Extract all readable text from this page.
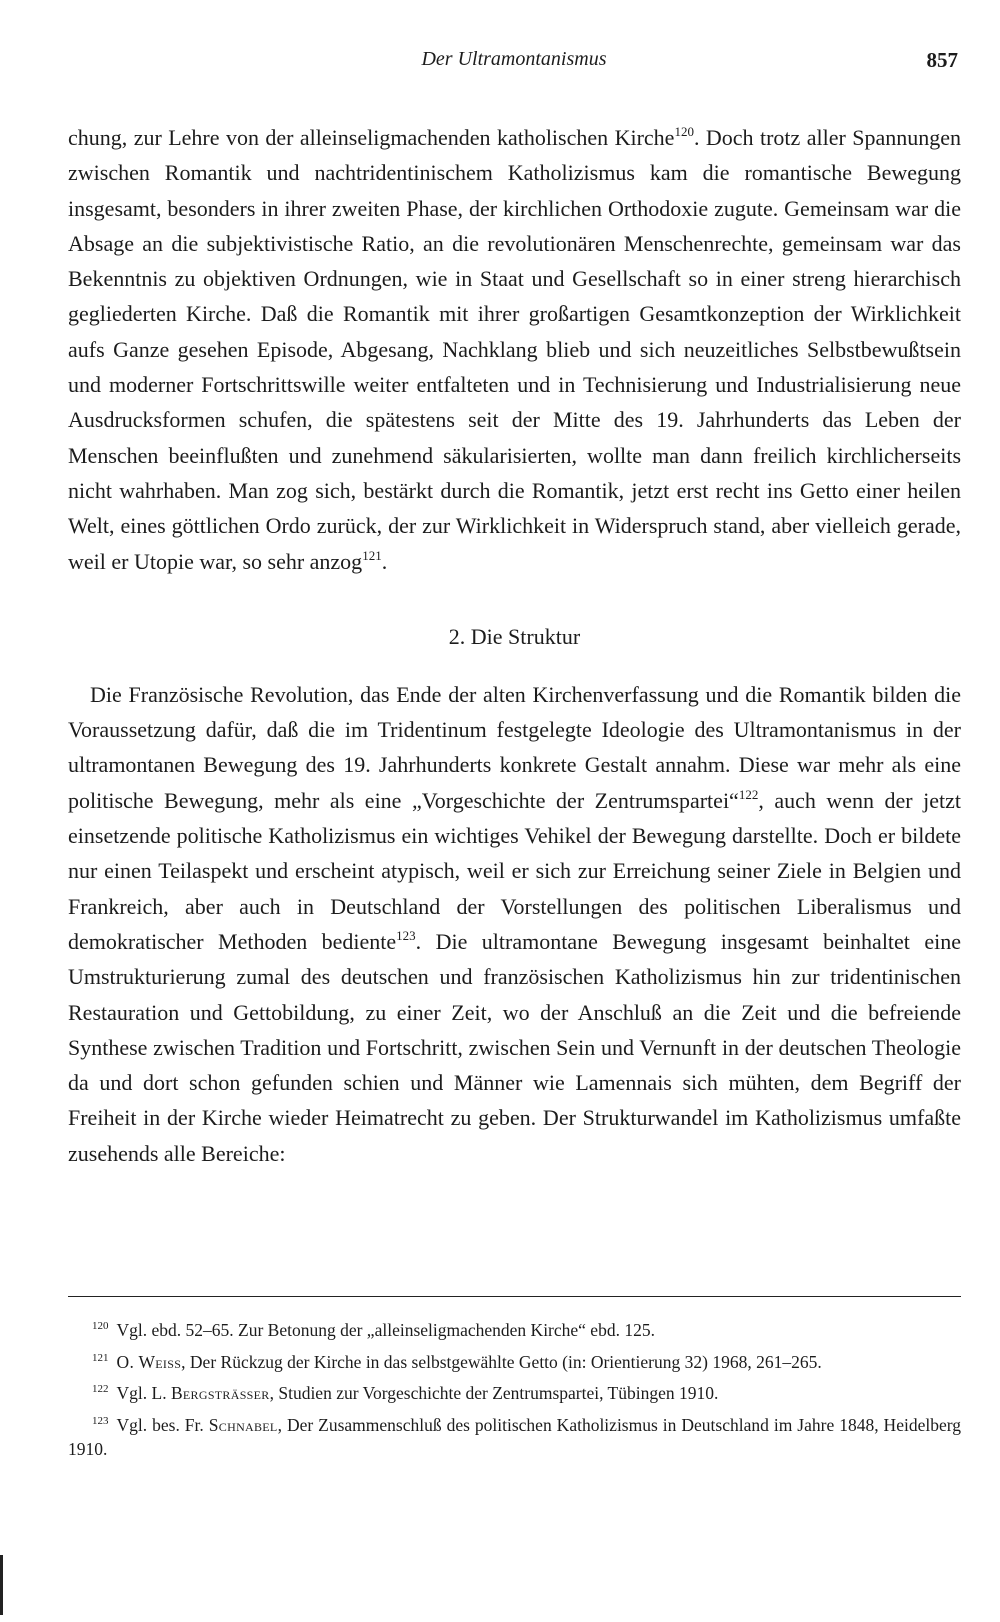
Der Ultramontanismus	857

chung, zur Lehre von der alleinseligmachenden katholischen Kirche$^{120}$. Doch trotz aller Spannungen zwischen Romantik und nachtridentinischem Katholizismus kam die romantische Bewegung insgesamt, besonders in ihrer zweiten Phase, der kirchlichen Orthodoxie zugute. Gemeinsam war die Absage an die subjektivistische Ratio, an die revolutionären Menschenrechte, gemeinsam war das Bekenntnis zu objektiven Ordnungen, wie in Staat und Gesellschaft so in einer streng hierarchisch gegliederten Kirche. Daß die Romantik mit ihrer großartigen Gesamtkonzeption der Wirklichkeit aufs Ganze gesehen Episode, Abgesang, Nachklang blieb und sich neuzeitliches Selbstbewußtsein und moderner Fortschrittswille weiter entfalteten und in Technisierung und Industrialisierung neue Ausdrucksformen schufen, die spätestens seit der Mitte des 19. Jahrhunderts das Leben der Menschen beeinflußten und zunehmend säkularisierten, wollte man dann freilich kirchlicherseits nicht wahrhaben. Man zog sich, bestärkt durch die Romantik, jetzt erst recht ins Getto einer heilen Welt, eines göttlichen Ordo zurück, der zur Wirklichkeit in Widerspruch stand, aber vielleich gerade, weil er Utopie war, so sehr anzog$^{121}$.

2. Die Struktur

Die Französische Revolution, das Ende der alten Kirchenverfassung und die Romantik bilden die Voraussetzung dafür, daß die im Tridentinum festgelegte Ideologie des Ultramontanismus in der ultramontanen Bewegung des 19. Jahrhunderts konkrete Gestalt annahm. Diese war mehr als eine politische Bewegung, mehr als eine „Vorgeschichte der Zentrumspartei“$^{122}$, auch wenn der jetzt einsetzende politische Katholizismus ein wichtiges Vehikel der Bewegung darstellte. Doch er bildete nur einen Teilaspekt und erscheint atypisch, weil er sich zur Erreichung seiner Ziele in Belgien und Frankreich, aber auch in Deutschland der Vorstellungen des politischen Liberalismus und demokratischer Methoden bediente$^{123}$. Die ultramontane Bewegung insgesamt beinhaltet eine Umstrukturierung zumal des deutschen und französischen Katholizismus hin zur tridentinischen Restauration und Gettobildung, zu einer Zeit, wo der Anschluß an die Zeit und die befreiende Synthese zwischen Tradition und Fortschritt, zwischen Sein und Vernunft in der deutschen Theologie da und dort schon gefunden schien und Männer wie Lamennais sich mühten, dem Begriff der Freiheit in der Kirche wieder Heimatrecht zu geben. Der Strukturwandel im Katholizismus umfaßte zusehends alle Bereiche:

$^{120}$ Vgl. ebd. 52–65. Zur Betonung der „alleinseligmachenden Kirche“ ebd. 125.

$^{121}$ O. Weiss, Der Rückzug der Kirche in das selbstgewählte Getto (in: Orientierung 32) 1968, 261–265.

$^{122}$ Vgl. L. Bergsträsser, Studien zur Vorgeschichte der Zentrumspartei, Tübingen 1910.

$^{123}$ Vgl. bes. Fr. Schnabel, Der Zusammenschluß des politischen Katholizismus in Deutschland im Jahre 1848, Heidelberg 1910.
